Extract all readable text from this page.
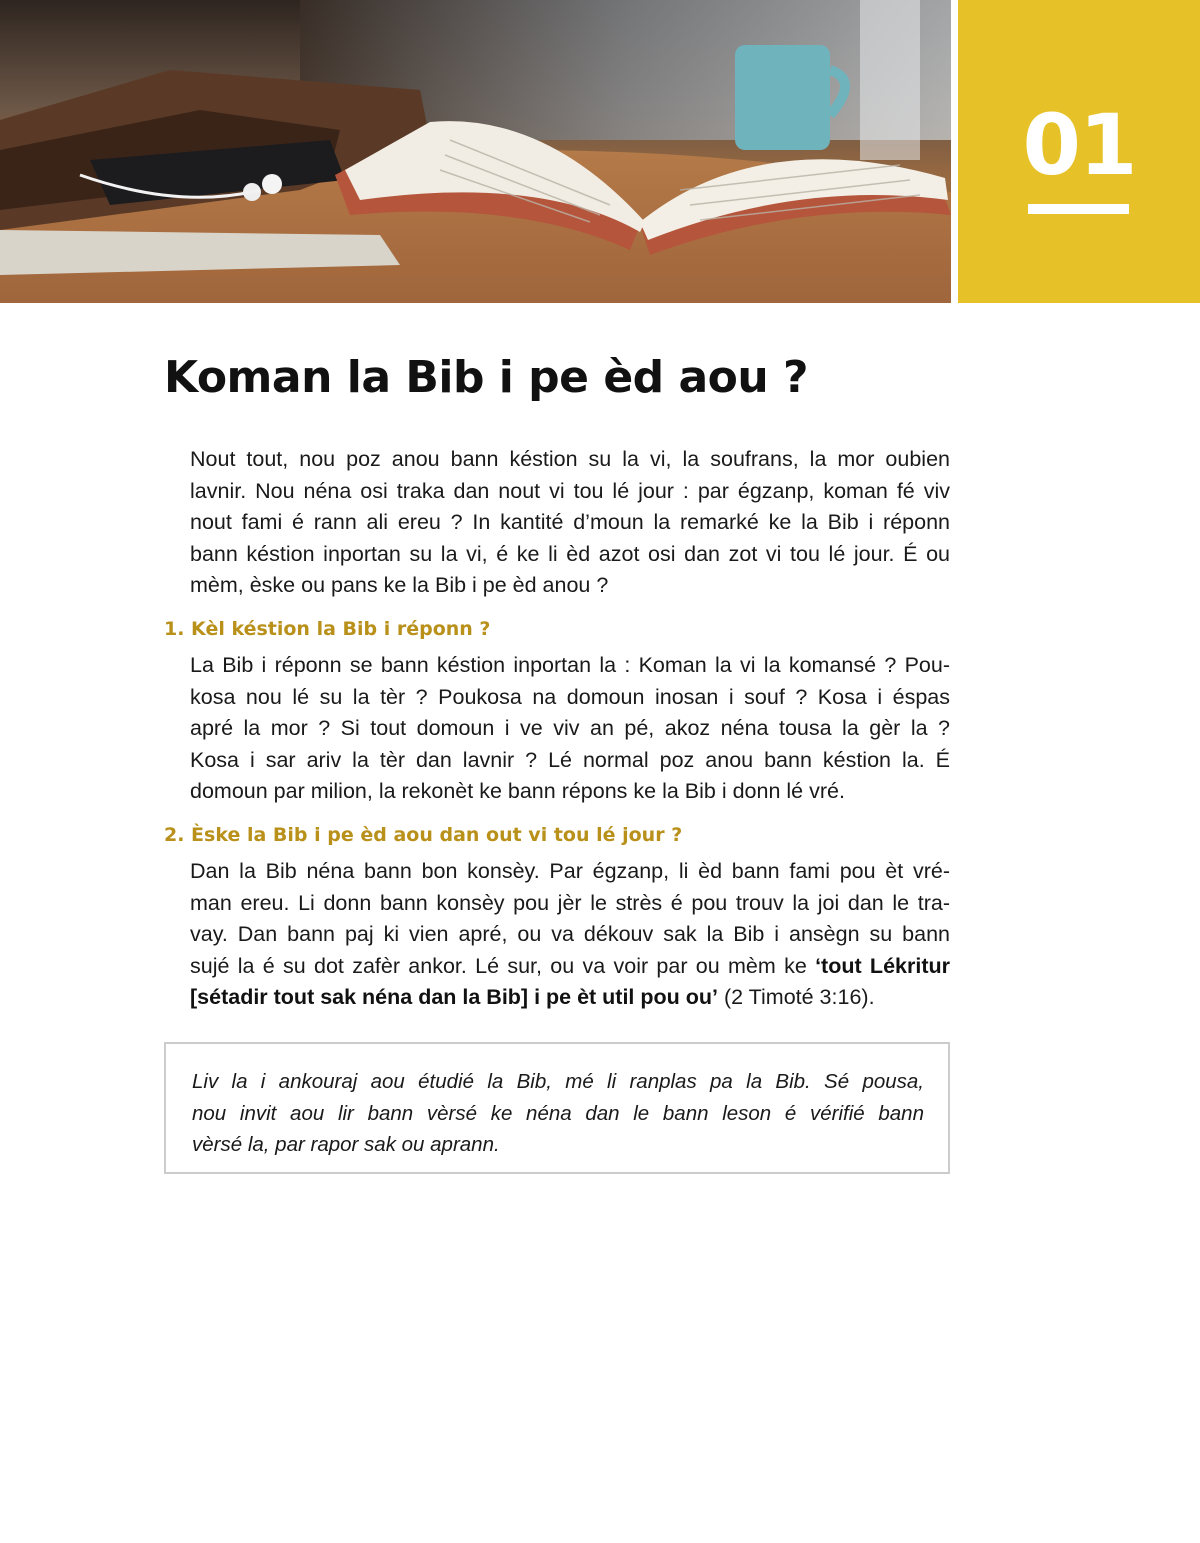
01
Koman la Bib i pe èd aou ?

Nout tout, nou poz anou bann késtion su la vi, la soufrans, la mor oubien
lavnir. Nou néna osi traka dan nout vi tou lé jour : par égzanp, koman fé viv
nout fami é rann ali ereu ? In kantité d’moun la remarké ke la Bib i réponn
bann késtion inportan su la vi, é ke li èd azot osi dan zot vi tou lé jour. É ou
mèm, èske ou pans ke la Bib i pe èd anou ?

1. Kèl késtion la Bib i réponn ?

La Bib i réponn se bann késtion inportan la : Koman la vi la komansé ? Pou-
kosa nou lé su la tèr ? Poukosa na domoun inosan i souf ? Kosa i éspas
apré la mor ? Si tout domoun i ve viv an pé, akoz néna tousa la gèr la ?
Kosa i sar ariv la tèr dan lavnir ? Lé normal poz anou bann késtion la. É
domoun par milion, la rekonèt ke bann répons ke la Bib i donn lé vré.

2. Èske la Bib i pe èd aou dan out vi tou lé jour ?

Dan la Bib néna bann bon konsèy. Par égzanp, li èd bann fami pou èt vré-
man ereu. Li donn bann konsèy pou jèr le strès é pou trouv la joi dan le tra-
vay. Dan bann paj ki vien apré, ou va dékouv sak la Bib i ansègn su bann
sujé la é su dot zafèr ankor. Lé sur, ou va voir par ou mèm ke ‘tout Lékritur
[sétadir tout sak néna dan la Bib] i pe èt util pou ou’ (2 Timoté 3:16).

Liv la i ankouraj aou étudié la Bib, mé li ranplas pa la Bib. Sé pousa,
nou invit aou lir bann vèrsé ke néna dan le bann leson é vérifié bann
vèrsé la, par rapor sak ou aprann.
